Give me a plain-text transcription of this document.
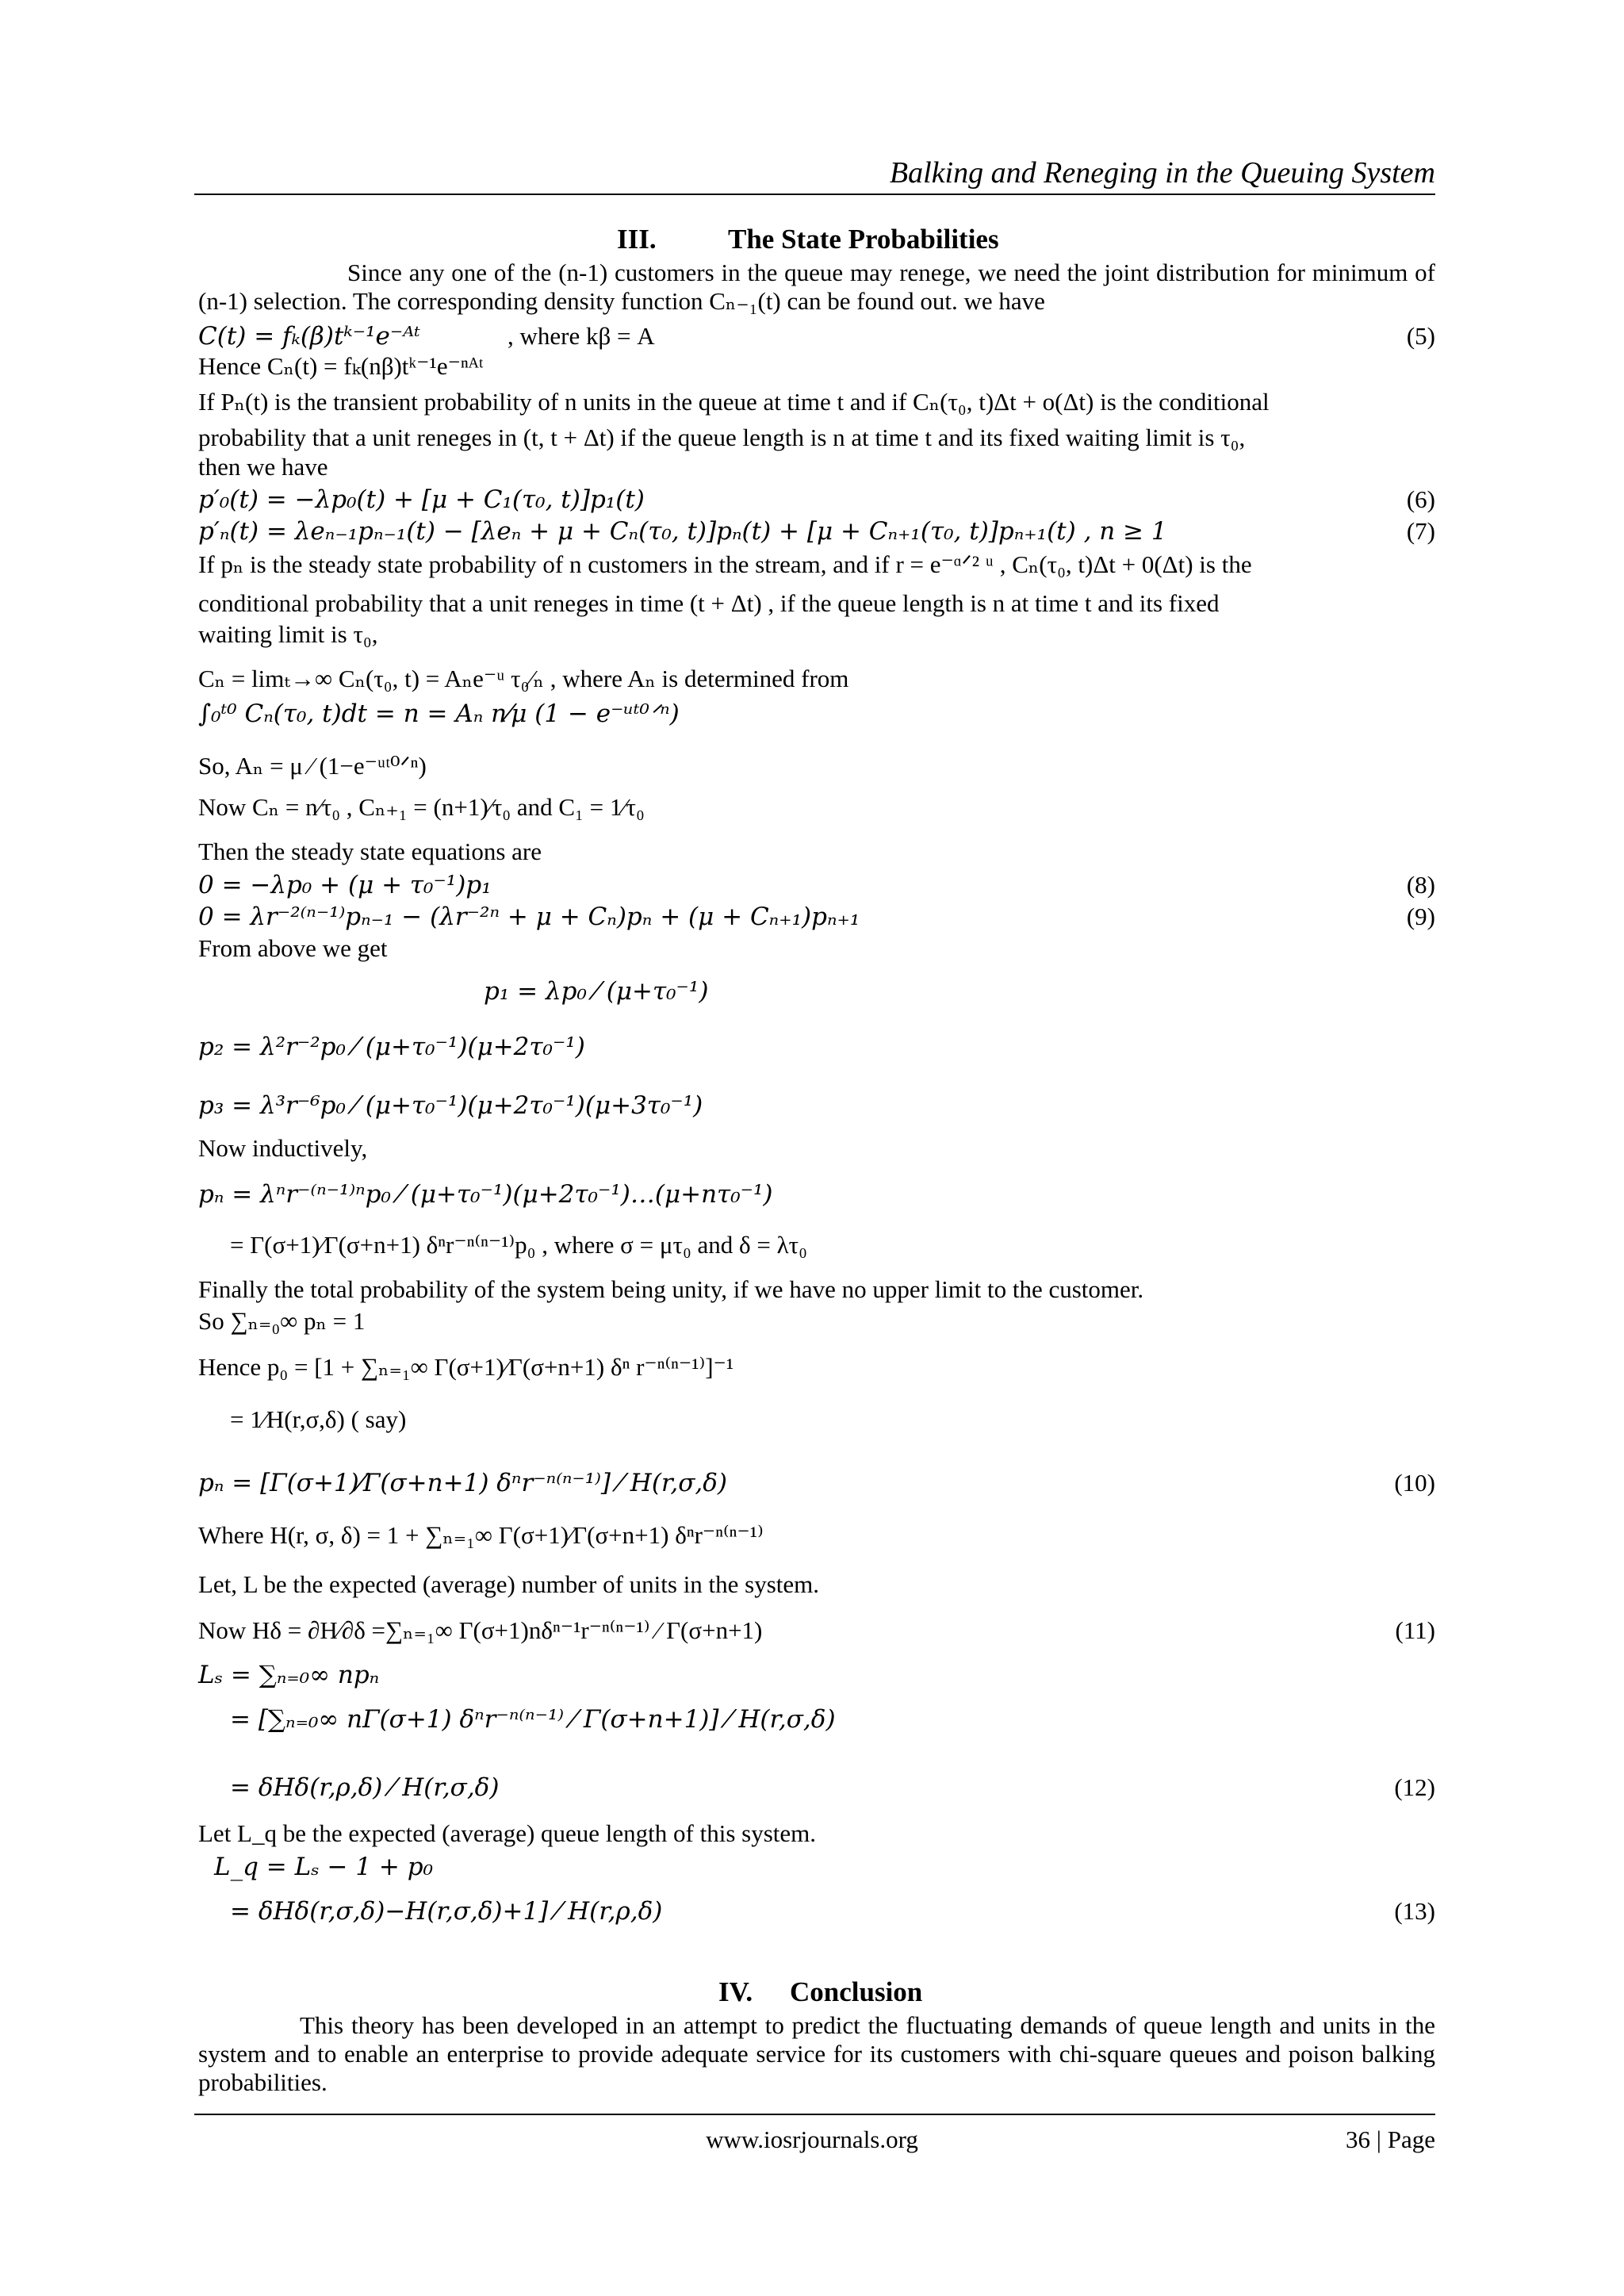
Balking and Reneging in the Queuing System
III.	The State Probabilities
Since any one of the (n-1) customers in the queue may renege, we need the joint distribution for minimum of (n-1) selection. The corresponding density function Cₙ₋₁(t) can be found out. we have
C(t) = fₖ(β)tᵏ⁻¹e⁻ᴬᵗ	, where kβ = A	(5)
Hence Cₙ(t) = fₖ(nβ)tᵏ⁻¹e⁻ⁿᴬᵗ
If Pₙ(t) is the transient probability of n units in the queue at time t and if Cₙ(τ₀, t)Δt + o(Δt) is the conditional
probability that a unit reneges in (t, t + Δt) if the queue length is n at time t and its fixed waiting limit is τ₀,
then we have
p′₀(t) = −λp₀(t) + [μ + C₁(τ₀, t)]p₁(t)	(6)
p′ₙ(t) = λeₙ₋₁pₙ₋₁(t) − [λeₙ + μ + Cₙ(τ₀, t)]pₙ(t) + [μ + Cₙ₊₁(τ₀, t)]pₙ₊₁(t) , n ≥ 1	(7)
If pₙ is the steady state probability of n customers in the stream, and if r = e⁻ᵅᐟ² ᵘ , Cₙ(τ₀, t)Δt + 0(Δt) is the
conditional probability that a unit reneges in time (t + Δt) , if the queue length is n at time t and its fixed
waiting limit is τ₀,
Cₙ = limₜ→∞ Cₙ(τ₀, t) = Aₙe⁻ᵘ τ₀⁄ₙ , where Aₙ is determined from
∫₀ᵗ⁰ Cₙ(τ₀, t)dt = n = Aₙ n⁄μ (1 − e⁻ᵘᵗ⁰ᐟⁿ)
So, Aₙ = μ ⁄ (1−e⁻ᵘᵗ⁰ᐟⁿ)
Now Cₙ = n⁄τ₀ , Cₙ₊₁ = (n+1)⁄τ₀ and C₁ = 1⁄τ₀
Then the steady state equations are
0 = −λp₀ + (μ + τ₀⁻¹)p₁	(8)
0 = λr⁻²⁽ⁿ⁻¹⁾pₙ₋₁ − (λr⁻²ⁿ + μ + Cₙ)pₙ + (μ + Cₙ₊₁)pₙ₊₁	(9)
From above we get
p₁ = λp₀ ⁄ (μ+τ₀⁻¹)
p₂ = λ²r⁻²p₀ ⁄ (μ+τ₀⁻¹)(μ+2τ₀⁻¹)
p₃ = λ³r⁻⁶p₀ ⁄ (μ+τ₀⁻¹)(μ+2τ₀⁻¹)(μ+3τ₀⁻¹)
Now inductively,
pₙ = λⁿr⁻⁽ⁿ⁻¹⁾ⁿp₀ ⁄ (μ+τ₀⁻¹)(μ+2τ₀⁻¹)…(μ+nτ₀⁻¹)
= Γ(σ+1)⁄Γ(σ+n+1) δⁿr⁻ⁿ⁽ⁿ⁻¹⁾p₀ , where σ = μτ₀ and δ = λτ₀
Finally the total probability of the system being unity, if we have no upper limit to the customer.
So ∑ₙ₌₀∞ pₙ = 1
Hence p₀ = [1 + ∑ₙ₌₁∞ Γ(σ+1)⁄Γ(σ+n+1) δⁿ r⁻ⁿ⁽ⁿ⁻¹⁾]⁻¹
= 1⁄H(r,σ,δ) ( say)
pₙ = [Γ(σ+1)⁄Γ(σ+n+1) δⁿr⁻ⁿ⁽ⁿ⁻¹⁾] ⁄ H(r,σ,δ)	(10)
Where H(r, σ, δ) = 1 + ∑ₙ₌₁∞ Γ(σ+1)⁄Γ(σ+n+1) δⁿr⁻ⁿ⁽ⁿ⁻¹⁾
Let, L be the expected (average) number of units in the system.
Now Hδ = ∂H⁄∂δ =∑ₙ₌₁∞ Γ(σ+1)nδⁿ⁻¹r⁻ⁿ⁽ⁿ⁻¹⁾ ⁄ Γ(σ+n+1)	(11)
Lₛ = ∑ₙ₌₀∞ npₙ
= [∑ₙ₌₀∞ nΓ(σ+1) δⁿr⁻ⁿ⁽ⁿ⁻¹⁾ ⁄ Γ(σ+n+1)] ⁄ H(r,σ,δ)
= δHδ(r,ρ,δ) ⁄ H(r,σ,δ)	(12)
Let L_q be the expected (average) queue length of this system.
L_q = Lₛ − 1 + p₀
= δHδ(r,σ,δ)−H(r,σ,δ)+1] ⁄ H(r,ρ,δ)	(13)
IV. Conclusion
This theory has been developed in an attempt to predict the fluctuating demands of queue length and units in the system and to enable an enterprise to provide adequate service for its customers with chi-square queues and poison balking probabilities.
www.iosrjournals.org	36 | Page
